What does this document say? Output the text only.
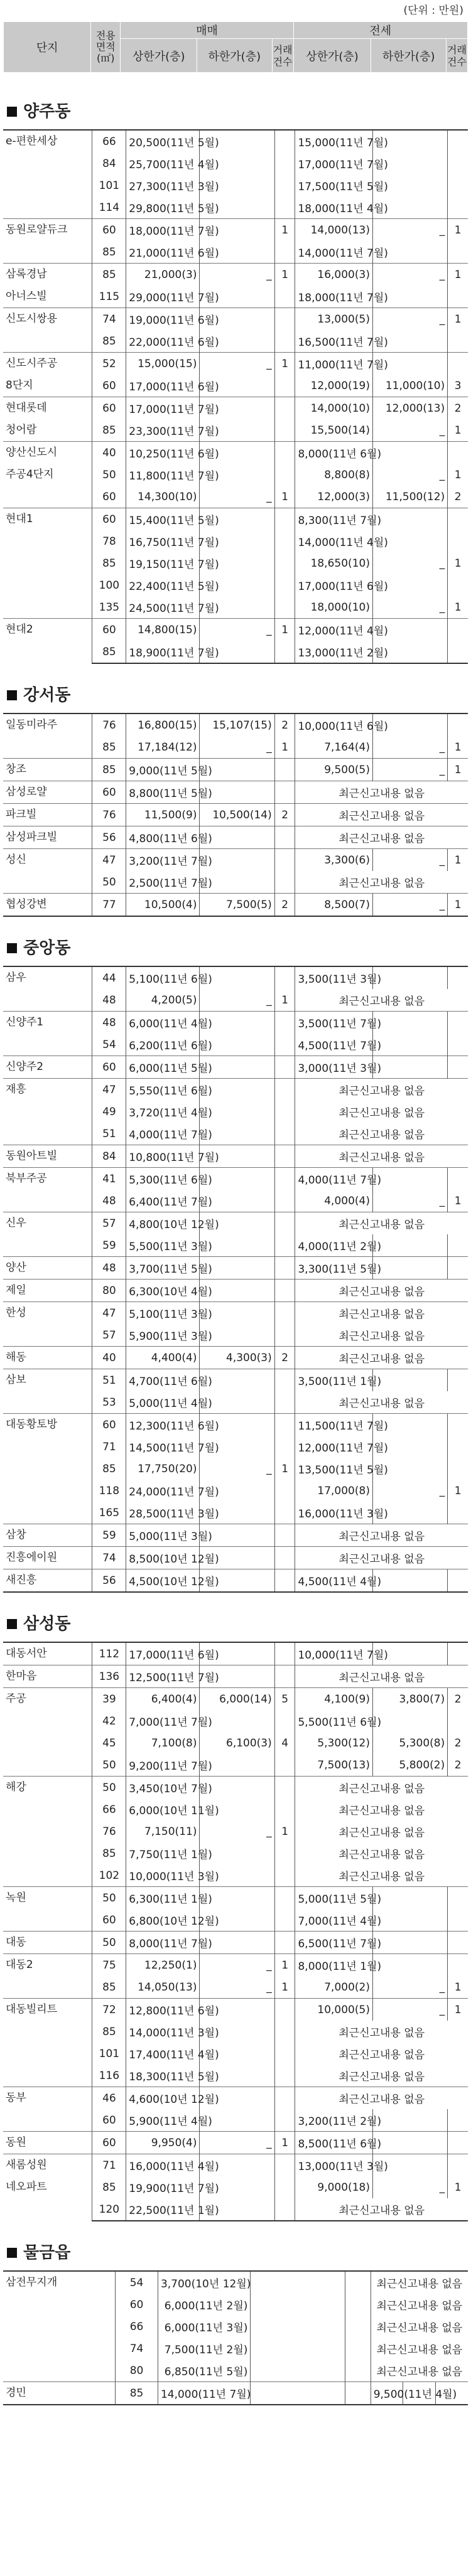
(단위 : 만원)
단지	전용
면적
(㎡)	매매			전세		
		상한가(층)	하한가(층)	거래
건수	상한가(층)	하한가(층)	거래
건수
양주동
e-편한세상	66	20,500(11년 5월)			15,000(11년 7월)		
	84	25,700(11년 4월)			17,000(11년 7월)		
	101	27,300(11년 3월)			17,500(11년 5월)		
	114	29,800(11년 5월)			18,000(11년 4월)		
동원로얄듀크	60	18,000(11년 7월)		1	14,000(13)	_	1
	85	21,000(11년 6월)			14,000(11년 7월)		
삼록경남
아너스빌	85	21,000(3)	_	1	16,000(3)	_	1
	115	29,000(11년 7월)			18,000(11년 7월)		
신도시쌍용	74	19,000(11년 6월)			13,000(5)	_	1
	85	22,000(11년 6월)			16,500(11년 7월)		
신도시주공
8단지	52	15,000(15)	_	1	11,000(11년 7월)		
	60	17,000(11년 6월)			12,000(19)	11,000(10)	3
현대롯데
청어람	60	17,000(11년 7월)			14,000(10)	12,000(13)	2
	85	23,300(11년 7월)			15,500(14)	_	1
양산신도시
주공4단지	40	10,250(11년 6월)			8,000(11년 6월)		
	50	11,800(11년 7월)			8,800(8)	_	1
	60	14,300(10)	_	1	12,000(3)	11,500(12)	2
현대1	60	15,400(11년 5월)			8,300(11년 7월)		
	78	16,750(11년 7월)			14,000(11년 4월)		
	85	19,150(11년 7월)			18,650(10)	_	1
	100	22,400(11년 5월)			17,000(11년 6월)		
	135	24,500(11년 7월)			18,000(10)	_	1
현대2	60	14,800(15)	_	1	12,000(11년 4월)		
	85	18,900(11년 7월)			13,000(11년 2월)		
강서동
일동미라주	76	16,800(15)	15,107(15)	2	10,000(11년 6월)		
	85	17,184(12)	_	1	7,164(4)	_	1
창조	85	9,000(11년 5월)			9,500(5)	_	1
삼성로얄	60	8,800(11년 5월)			최근신고내용 없음		
파크빌	76	11,500(9)	10,500(14)	2	최근신고내용 없음		
삼성파크빌	56	4,800(11년 6월)			최근신고내용 없음		
성신	47	3,200(11년 7월)			3,300(6)	_	1
	50	2,500(11년 7월)			최근신고내용 없음		
협성강변	77	10,500(4)	7,500(5)	2	8,500(7)	_	1
중앙동
삼우	44	5,100(11년 6월)			3,500(11년 3월)		
	48	4,200(5)	_	1	최근신고내용 없음		
신양주1	48	6,000(11년 4월)			3,500(11년 7월)		
	54	6,200(11년 6월)			4,500(11년 7월)		
신양주2	60	6,000(11년 5월)			3,000(11년 3월)		
재흥	47	5,550(11년 6월)			최근신고내용 없음		
	49	3,720(11년 4월)			최근신고내용 없음		
	51	4,000(11년 7월)			최근신고내용 없음		
동원아트빌	84	10,800(11년 7월)			최근신고내용 없음		
북부주공	41	5,300(11년 6월)			4,000(11년 7월)		
	48	6,400(11년 7월)			4,000(4)	_	1
신우	57	4,800(10년 12월)			최근신고내용 없음		
	59	5,500(11년 3월)			4,000(11년 2월)		
양산	48	3,700(11년 5월)			3,300(11년 5월)		
제일	80	6,300(10년 4월)			최근신고내용 없음		
한성	47	5,100(11년 3월)			최근신고내용 없음		
	57	5,900(11년 3월)			최근신고내용 없음		
해동	40	4,400(4)	4,300(3)	2	최근신고내용 없음		
삼보	51	4,700(11년 6월)			3,500(11년 1월)		
	53	5,000(11년 4월)			최근신고내용 없음		
대동황토방	60	12,300(11년 6월)			11,500(11년 7월)		
	71	14,500(11년 7월)			12,000(11년 7월)		
	85	17,750(20)	_	1	13,500(11년 5월)		
	118	24,000(11년 7월)			17,000(8)	_	1
	165	28,500(11년 3월)			16,000(11년 3월)		
삼창	59	5,000(11년 3월)			최근신고내용 없음		
진흥에이원	74	8,500(10년 12월)			최근신고내용 없음		
새진흥	56	4,500(10년 12월)			4,500(11년 4월)		
삼성동
대동서안	112	17,000(11년 6월)			10,000(11년 7월)		
한마음	136	12,500(11년 7월)			최근신고내용 없음		
주공	39	6,400(4)	6,000(14)	5	4,100(9)	3,800(7)	2
	42	7,000(11년 7월)			5,500(11년 6월)		
	45	7,100(8)	6,100(3)	4	5,300(12)	5,300(8)	2
	50	9,200(11년 7월)			7,500(13)	5,800(2)	2
해강	50	3,450(10년 7월)			최근신고내용 없음		
	66	6,000(10년 11월)			최근신고내용 없음		
	76	7,150(11)	_	1	최근신고내용 없음		
	85	7,750(11년 1월)			최근신고내용 없음		
	102	10,000(11년 3월)			최근신고내용 없음		
녹원	50	6,300(11년 1월)			5,000(11년 5월)		
	60	6,800(10년 12월)			7,000(11년 4월)		
대동	50	8,000(11년 7월)			6,500(11년 7월)		
대동2	75	12,250(1)	_	1	8,000(11년 1월)		
	85	14,050(13)	_	1	7,000(2)	_	1
대동빌리트	72	12,800(11년 6월)			10,000(5)	_	1
	85	14,000(11년 3월)			최근신고내용 없음		
	101	17,400(11년 4월)			최근신고내용 없음		
	116	18,300(11년 5월)			최근신고내용 없음		
동부	46	4,600(10년 12월)			최근신고내용 없음		
	60	5,900(11년 4월)			3,200(11년 2월)		
동원	60	9,950(4)	_	1	8,500(11년 6월)		
새롬성원
네오파트	71	16,000(11년 4월)			13,000(11년 3월)		
	85	19,900(11년 7월)			9,000(18)	_	1
	120	22,500(11년 1월)			최근신고내용 없음		
물금읍
삼전무지개	54	3,700(10년 12월)			최근신고내용 없음		
	60	6,000(11년 2월)			최근신고내용 없음		
	66	6,000(11년 3월)			최근신고내용 없음		
	74	7,500(11년 2월)			최근신고내용 없음		
	80	6,850(11년 5월)			최근신고내용 없음		
경민	85	14,000(11년 7월)			9,500(11년 4월)		
